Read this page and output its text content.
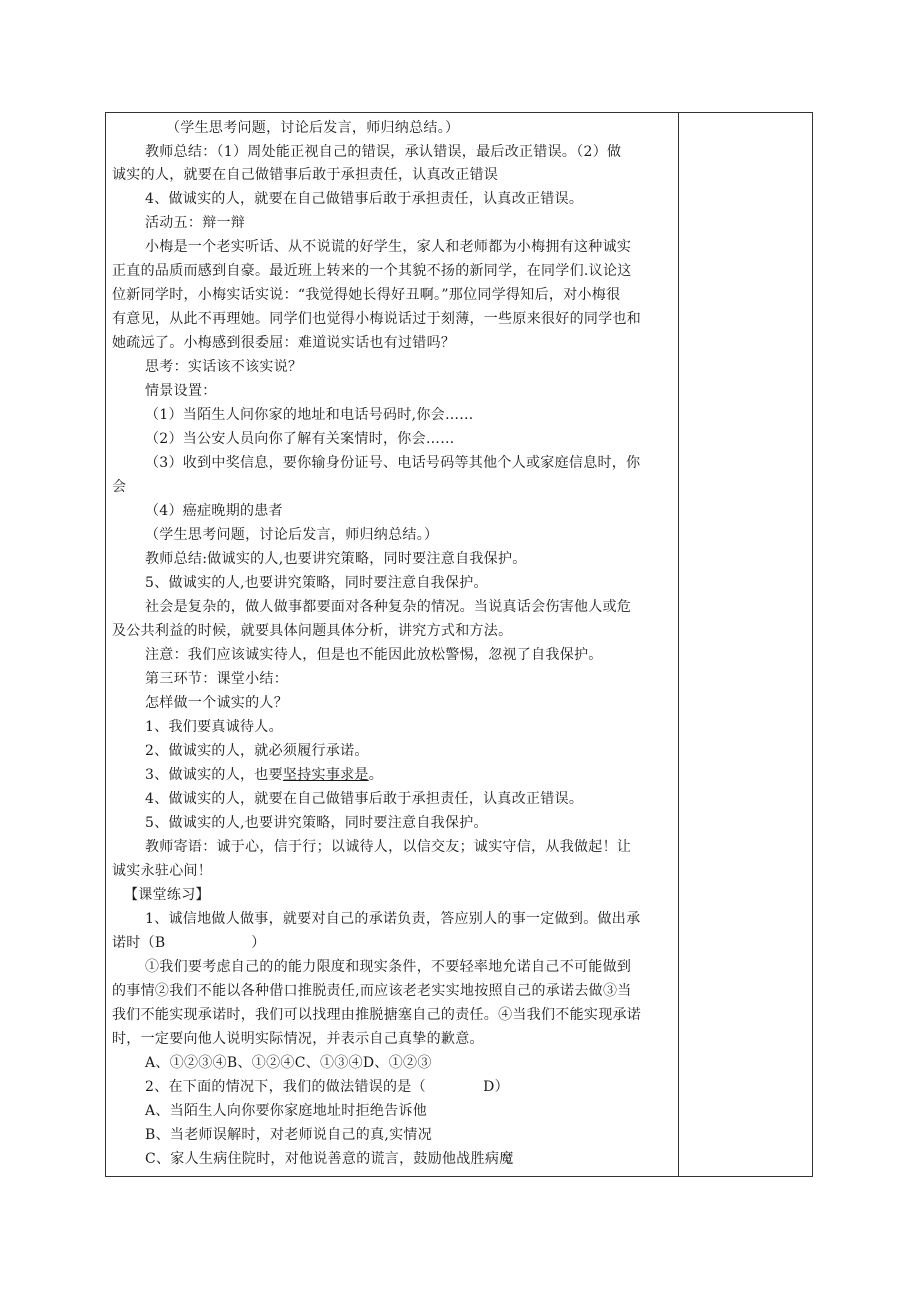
（学生思考问题，讨论后发言，师归纳总结。）
教师总结：（1）周处能正视自己的错误，承认错误，最后改正错误。（2）做
诚实的人，就要在自己做错事后敢于承担责任，认真改正错误
4、做诚实的人，就要在自己做错事后敢于承担责任，认真改正错误。
活动五：辩一辩
小梅是一个老实听话、从不说谎的好学生，家人和老师都为小梅拥有这种诚实
正直的品质而感到自豪。最近班上转来的一个其貌不扬的新同学，在同学们.议论这
位新同学时，小梅实话实说：“我觉得她长得好丑啊。”那位同学得知后，对小梅很
有意见，从此不再理她。同学们也觉得小梅说话过于刻薄，一些原来很好的同学也和
她疏远了。小梅感到很委屈：难道说实话也有过错吗？
思考：实话该不该实说？
情景设置：
（1）当陌生人问你家的地址和电话号码时,你会……
（2）当公安人员向你了解有关案情时，你会……
（3）收到中奖信息，要你输身份证号、电话号码等其他个人或家庭信息时，你
会
（4）癌症晚期的患者
（学生思考问题，讨论后发言，师归纳总结。）
教师总结:做诚实的人,也要讲究策略，同时要注意自我保护。
5、做诚实的人,也要讲究策略，同时要注意自我保护。
社会是复杂的，做人做事都要面对各种复杂的情况。当说真话会伤害他人或危
及公共利益的时候，就要具体问题具体分析，讲究方式和方法。
注意：我们应该诚实待人，但是也不能因此放松警惕，忽视了自我保护。
第三环节：课堂小结：
怎样做一个诚实的人？
1、我们要真诚待人。
2、做诚实的人，就必须履行承诺。
3、做诚实的人，也要坚持实事求是。
4、做诚实的人，就要在自己做错事后敢于承担责任，认真改正错误。
5、做诚实的人,也要讲究策略，同时要注意自我保护。
教师寄语：诚于心，信于行；以诚待人，以信交友；诚实守信，从我做起！让
诚实永驻心间！
【课堂练习】
1、诚信地做人做事，就要对自己的承诺负责，答应别人的事一定做到。做出承
诺时（B　　　　　　）
①我们要考虑自己的的能力限度和现实条件，不要轻率地允诺自己不可能做到
的事情②我们不能以各种借口推脱责任,而应该老老实实地按照自己的承诺去做③当
我们不能实现承诺时，我们可以找理由推脱搪塞自己的责任。④当我们不能实现承诺
时，一定要向他人说明实际情况，并表示自己真挚的歉意。
A、①②③④B、①②④C、①③④D、①②③
2、在下面的情况下，我们的做法错误的是（　　　　D）
A、当陌生人向你要你家庭地址时拒绝告诉他
B、当老师误解时，对老师说自己的真,实情况
C、家人生病住院时，对他说善意的谎言，鼓励他战胜病魔
